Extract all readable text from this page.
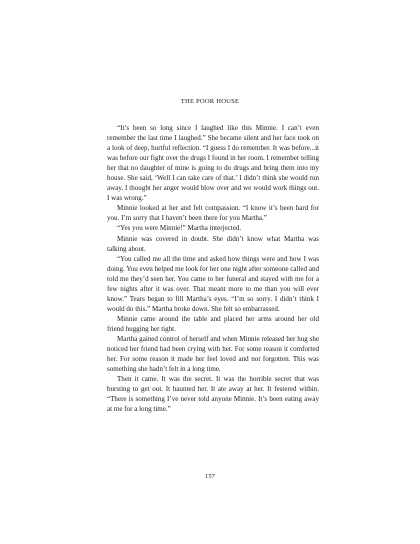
THE POOR HOUSE

“It’s been so long since I laughed like this Minnie. I can’t even remember the last time I laughed.” She became silent and her face took on a look of deep, hurtful reflection. “I guess I do remember. It was before...it was before our fight over the drugs I found in her room. I remember telling her that no daughter of mine is going to do drugs and bring them into my house. She said, ‘Well I can take care of that.’ I didn’t think she would run away. I thought her anger would blow over and we would work things out. I was wrong.”

Minnie looked at her and felt compassion. “I know it’s been hard for you. I’m sorry that I haven’t been there for you Martha.”

“Yes you were Minnie!” Martha interjected.

Minnie was covered in doubt. She didn’t know what Martha was talking about.

“You called me all the time and asked how things were and how I was doing. You even helped me look for her one night after someone called and told me they’d seen her. You came to her funeral and stayed with me for a few nights after it was over. That meant more to me than you will ever know.” Tears began to fill Martha’s eyes. “I’m so sorry. I didn’t think I would do this.” Martha broke down. She felt so embarrassed.

Minnie came around the table and placed her arms around her old friend hugging her tight.

Martha gained control of herself and when Minnie released her hug she noticed her friend had been crying with her. For some reason it comforted her. For some reason it made her feel loved and not forgotten. This was something she hadn’t felt in a long time.

Then it came. It was the secret. It was the horrible secret that was bursting to get out. It haunted her. It ate away at her. It festered within. “There is something I’ve never told anyone Minnie. It’s been eating away at me for a long time.”

157
